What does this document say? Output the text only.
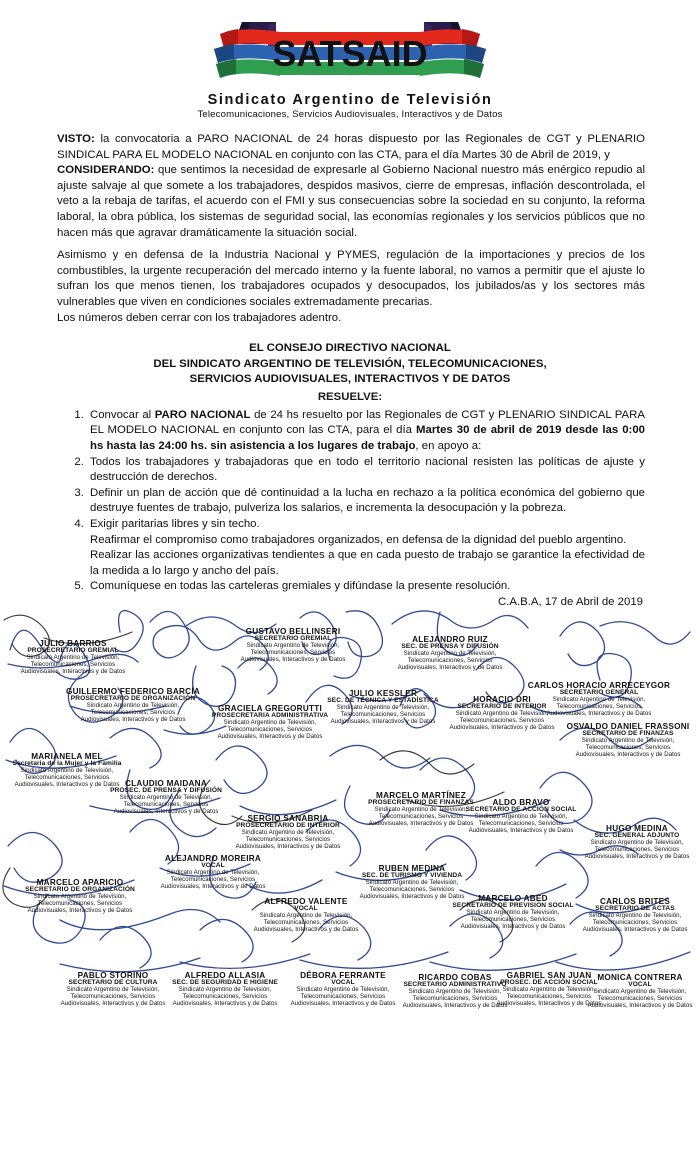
SATSAID
Sindicato Argentino de Televisión
Telecomunicaciones, Servicios Audiovisuales, Interactivos y de Datos

VISTO: la convocatoria a PARO NACIONAL de 24 horas dispuesto por las Regionales de CGT y PLENARIO SINDICAL PARA EL MODELO NACIONAL en conjunto con las CTA, para el día Martes 30 de Abril de 2019, y

CONSIDERANDO: que sentimos la necesidad de expresarle al Gobierno Nacional nuestro más enérgico repudio al ajuste salvaje al que somete a los trabajadores, despidos masivos, cierre de empresas, inflación descontrolada, el veto a la rebaja de tarifas, el acuerdo con el FMI y sus consecuencias sobre la sociedad en su conjunto, la reforma laboral, la obra pública, los sistemas de seguridad social, las economías regionales y los servicios públicos que no hacen más que agravar dramáticamente la situación social.

Asimismo y en defensa de la Industria Nacional y PYMES, regulación de la importaciones y precios de los combustibles, la urgente recuperación del mercado interno y la fuente laboral, no vamos a permitir que el ajuste lo sufran los que menos tienen, los trabajadores ocupados y desocupados, los jubilados/as y los sectores más vulnerables que viven en condiciones sociales extremadamente precarias.

Los números deben cerrar con los trabajadores adentro.

EL CONSEJO DIRECTIVO NACIONAL
DEL SINDICATO ARGENTINO DE TELEVISIÓN, TELECOMUNICACIONES,
SERVICIOS AUDIOVISUALES, INTERACTIVOS Y DE DATOS
RESUELVE:

1. Convocar al PARO NACIONAL de 24 hs resuelto por las Regionales de CGT y PLENARIO SINDICAL PARA EL MODELO NACIONAL en conjunto con las CTA, para el día Martes 30 de abril de 2019 desde las 0:00 hs hasta las 24:00 hs. sin asistencia a los lugares de trabajo, en apoyo a:

2. Todos los trabajadores y trabajadoras que en todo el territorio nacional resisten las políticas de ajuste y destrucción de derechos.

3. Definir un plan de acción que dé continuidad a la lucha en rechazo a la política económica del gobierno que destruye fuentes de trabajo, pulveriza los salarios, e incrementa la desocupación y la pobreza.

4. Exigir paritarias libres y sin techo.

Reafirmar el compromiso como trabajadores organizados, en defensa de la dignidad del pueblo argentino.

Realizar las acciones organizativas tendientes a que en cada puesto de trabajo se garantice la efectividad de la medida a lo largo y ancho del país.

5. Comuníquese en todas las carteleras gremiales y difúndase la presente resolución.

C.A.B.A, 17 de Abril de 2019
JULIO BARRIOS
PROSECRETARIO GREMIAL
Sindicato Argentino de Televisión,
Telecomunicaciones, Servicios
Audiovisuales, Interactivos y de Datos
GUSTAVO BELLINSERI
SECRETARIO GREMIAL
Sindicato Argentino de Televisión,
Telecomunicaciones, Servicios
Audiovisuales, Interactivos y de Datos
ALEJANDRO RUIZ
SEC. DE PRENSA Y DIFUSIÓN
Sindicato Argentino de Televisión,
Telecomunicaciones, Servicios
Audiovisuales, Interactivos y de Datos
GUILLERMO FEDERICO BARCÍA
PROSECRETARIO DE ORGANIZACIÓN
Sindicato Argentino de Televisión,
Telecomunicaciones, Servicios
Audiovisuales, Interactivos y de Datos
CARLOS HORACIO ARRECEYGOR
SECRETARIO GENERAL
Sindicato Argentino de Televisión,
Telecomunicaciones, Servicios
Audiovisuales, Interactivos y de Datos
GRACIELA GREGORUTTI
PROSECRETARIA ADMINISTRATIVA
Sindicato Argentino de Televisión,
Telecomunicaciones, Servicios
Audiovisuales, Interactivos y de Datos
JULIO KESSLER
SEC. DE TÉCNICA Y ESTADÍSTICA
Sindicato Argentino de Televisión,
Telecomunicaciones, Servicios
Audiovisuales, Interactivos y de Datos
HORACIO DRI
SECRETARIO DE INTERIOR
Sindicato Argentino de Televisión,
Telecomunicaciones, Servicios
Audiovisuales, Interactivos y de Datos	OSVALDO DANIEL FRASSONI
SECRETARIO DE FINANZAS
Sindicato Argentino de Televisión,
Telecomunicaciones, Servicios
Audiovisuales, Interactivos y de Datos
MARIANELA MEL
Secretaria de la Mujer y la Familia
Sindicato Argentino de Televisión,
Telecomunicaciones, Servicios
Audiovisuales, Interactivos y de Datos CLAUDIO MAIDANA
PROSEC. DE PRENSA Y DIFUSIÓN
Sindicato Argentino de Televisión,
Telecomunicaciones, Servicios
Audiovisuales, Interactivos y de Datos
SERGIO SANABRIA
PROSECRETARIO DE INTERIOR
Sindicato Argentino de Televisión,
Telecomunicaciones, Servicios
Audiovisuales, Interactivos y de Datos
MARCELO MARTÍNEZ
PROSECRETARIO DE FINANZAS
Sindicato Argentino de Televisión,
Telecomunicaciones, Servicios
Audiovisuales, Interactivos y de Datos
ALDO BRAVO
SECRETARIO DE ACCIÓN SOCIAL
Sindicato Argentino de Televisión,
Telecomunicaciones, Servicios
Audiovisuales, Interactivos y de Datos	HUGO MEDINA
SEC. GENERAL ADJUNTO
Sindicato Argentino de Televisión,
Telecomunicaciones, Servicios
Audiovisuales, Interactivos y de Datos
ALEJANDRO MOREIRA
VOCAL
Sindicato Argentino de Televisión,
Telecomunicaciones, Servicios
Audiovisuales, Interactivos y de Datos
MARCELO APARICIO
SECRETARIO DE ORGANIZACIÓN
Sindicato Argentino de Televisión,
Telecomunicaciones, Servicios
Audiovisuales, Interactivos y de Datos
RUBEN MEDINA
SEC. DE TURISMO Y VIVIENDA
Sindicato Argentino de Televisión,
Telecomunicaciones, Servicios
Audiovisuales, Interactivos y de Datos
ALFREDO VALENTE
VOCAL
Sindicato Argentino de Televisión,
Telecomunicaciones, Servicios
Audiovisuales, Interactivos y de Datos
MARCELO ABED
SECRETARIO DE PREVISIÓN SOCIAL
Sindicato Argentino de Televisión,
Telecomunicaciones, Servicios
Audiovisuales, Interactivos y de Datos
CARLOS BRITES
SECRETARIO DE ACTAS
Sindicato Argentino de Televisión,
Telecomunicaciones, Servicios
Audiovisuales, Interactivos y de Datos
PABLO STORINO
SECRETARIO DE CULTURA
Sindicato Argentino de Televisión,
Telecomunicaciones, Servicios
Audiovisuales, Interactivos y de Datos
ALFREDO ALLASIA
SEC. DE SEGURIDAD E HIGIENE
Sindicato Argentino de Televisión,
Telecomunicaciones, Servicios
Audiovisuales, Interactivos y de Datos
DÉBORA FERRANTE
VOCAL
Sindicato Argentino de Televisión,
Telecomunicaciones, Servicios
Audiovisuales, Interactivos y de Datos
RICARDO COBAS
SECRETARIO ADMINISTRATIVO
Sindicato Argentino de Televisión,
Telecomunicaciones, Servicios
Audiovisuales, Interactivos y de Datos
GABRIEL SAN JUAN
PROSEC. DE ACCIÓN SOCIAL
Sindicato Argentino de Televisión,
Telecomunicaciones, Servicios
Audiovisuales, Interactivos y de Datos
MONICA CONTRERA
VOCAL
Sindicato Argentino de Televisión,
Telecomunicaciones, Servicios
Audiovisuales, Interactivos y de Datos
